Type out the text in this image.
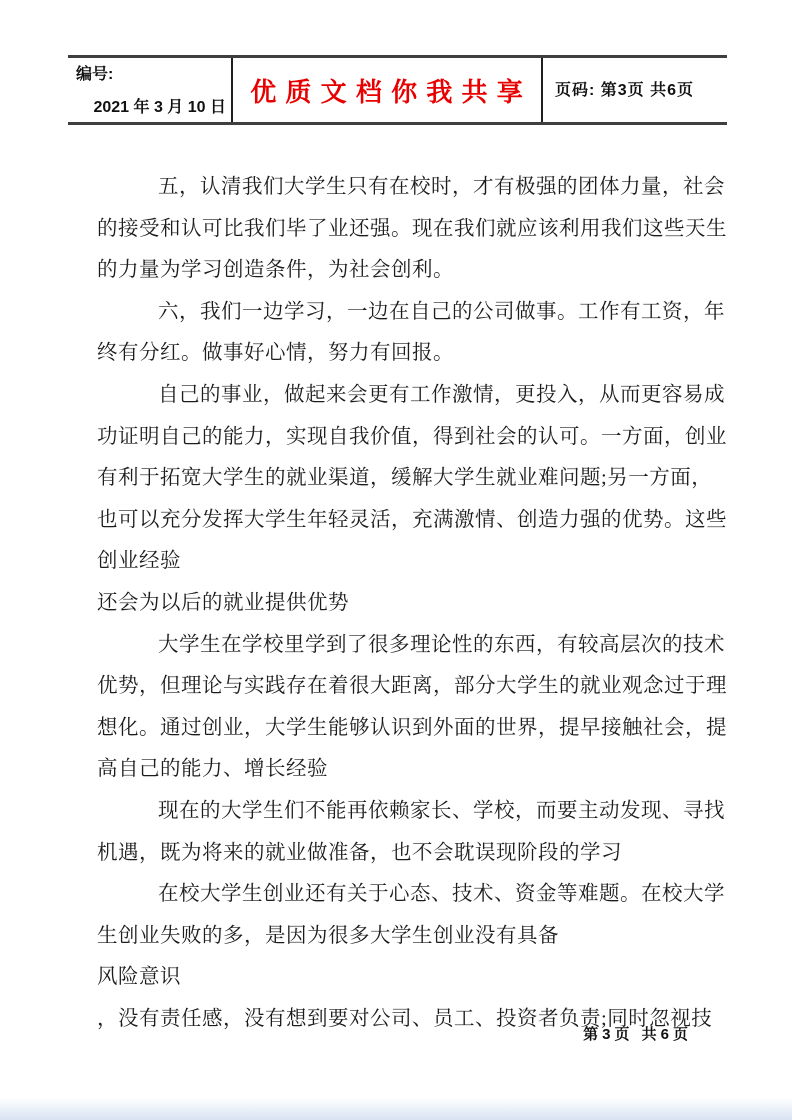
编号:
2021 年 3 月 10 日
优 质 文 档 你 我 共 享 页码: 第3页 共6页
五，认清我们大学生只有在校时，才有极强的团体力量，社会
的接受和认可比我们毕了业还强。现在我们就应该利用我们这些天生
的力量为学习创造条件，为社会创利。
六，我们一边学习，一边在自己的公司做事。工作有工资，年
终有分红。做事好心情，努力有回报。
自己的事业，做起来会更有工作激情，更投入，从而更容易成
功证明自己的能力，实现自我价值，得到社会的认可。一方面，创业
有利于拓宽大学生的就业渠道，缓解大学生就业难问题;另一方面，
也可以充分发挥大学生年轻灵活，充满激情、创造力强的优势。这些
创业经验
还会为以后的就业提供优势
大学生在学校里学到了很多理论性的东西，有较高层次的技术
优势，但理论与实践存在着很大距离，部分大学生的就业观念过于理
想化。通过创业，大学生能够认识到外面的世界，提早接触社会，提
高自己的能力、增长经验
现在的大学生们不能再依赖家长、学校，而要主动发现、寻找
机遇，既为将来的就业做准备，也不会耽误现阶段的学习
在校大学生创业还有关于心态、技术、资金等难题。在校大学
生创业失败的多，是因为很多大学生创业没有具备
风险意识
，没有责任感，没有想到要对公司、员工、投资者负责;同时忽视技
第3页 共6页
